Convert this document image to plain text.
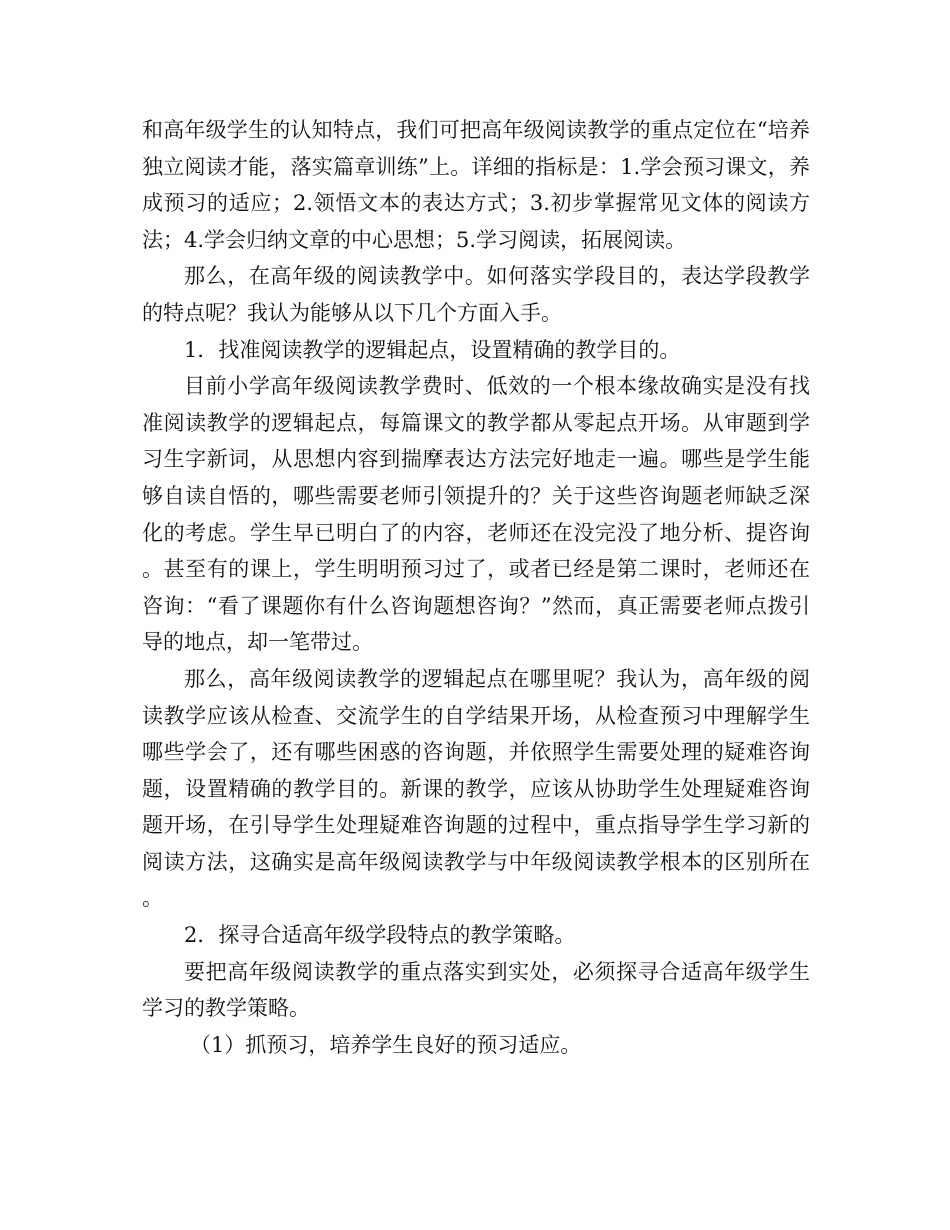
和高年级学生的认知特点，我们可把高年级阅读教学的重点定位在“培养独立阅读才能，落实篇章训练”上。详细的指标是：1.学会预习课文，养成预习的适应；2.领悟文本的表达方式；3.初步掌握常见文体的阅读方法；4.学会归纳文章的中心思想；5.学习阅读，拓展阅读。

那么，在高年级的阅读教学中。如何落实学段目的，表达学段教学的特点呢？我认为能够从以下几个方面入手。

1．找准阅读教学的逻辑起点，设置精确的教学目的。

目前小学高年级阅读教学费时、低效的一个根本缘故确实是没有找准阅读教学的逻辑起点，每篇课文的教学都从零起点开场。从审题到学习生字新词，从思想内容到揣摩表达方法完好地走一遍。哪些是学生能够自读自悟的，哪些需要老师引领提升的？关于这些咨询题老师缺乏深化的考虑。学生早已明白了的内容，老师还在没完没了地分析、提咨询。甚至有的课上，学生明明预习过了，或者已经是第二课时，老师还在咨询：“看了课题你有什么咨询题想咨询？”然而，真正需要老师点拨引导的地点，却一笔带过。

那么，高年级阅读教学的逻辑起点在哪里呢？我认为，高年级的阅读教学应该从检查、交流学生的自学结果开场，从检查预习中理解学生哪些学会了，还有哪些困惑的咨询题，并依照学生需要处理的疑难咨询题，设置精确的教学目的。新课的教学，应该从协助学生处理疑难咨询题开场，在引导学生处理疑难咨询题的过程中，重点指导学生学习新的阅读方法，这确实是高年级阅读教学与中年级阅读教学根本的区别所在。

2．探寻合适高年级学段特点的教学策略。

要把高年级阅读教学的重点落实到实处，必须探寻合适高年级学生学习的教学策略。

（1）抓预习，培养学生良好的预习适应。
